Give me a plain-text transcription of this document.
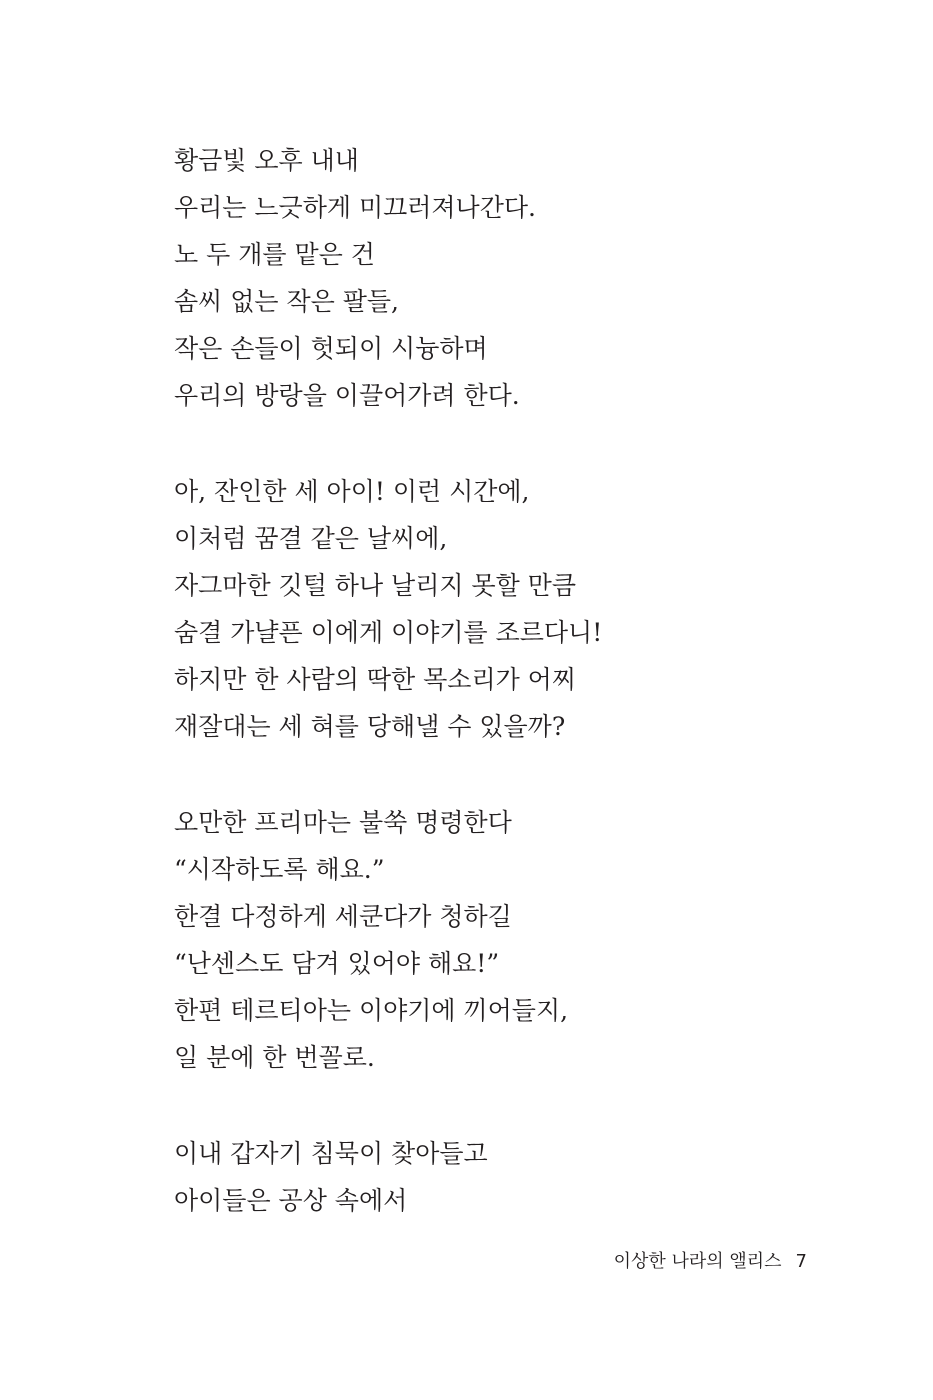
황금빛 오후 내내
우리는 느긋하게 미끄러져나간다.
노 두 개를 맡은 건
솜씨 없는 작은 팔들,
작은 손들이 헛되이 시늉하며
우리의 방랑을 이끌어가려 한다.
아, 잔인한 세 아이! 이런 시간에,
이처럼 꿈결 같은 날씨에,
자그마한 깃털 하나 날리지 못할 만큼
숨결 가냘픈 이에게 이야기를 조르다니!
하지만 한 사람의 딱한 목소리가 어찌
재잘대는 세 혀를 당해낼 수 있을까?
오만한 프리마는 불쑥 명령한다
“시작하도록 해요.”
한결 다정하게 세쿤다가 청하길
“난센스도 담겨 있어야 해요!”
한편 테르티아는 이야기에 끼어들지,
일 분에 한 번꼴로.
이내 갑자기 침묵이 찾아들고
아이들은 공상 속에서
이상한 나라의 앨리스 7
